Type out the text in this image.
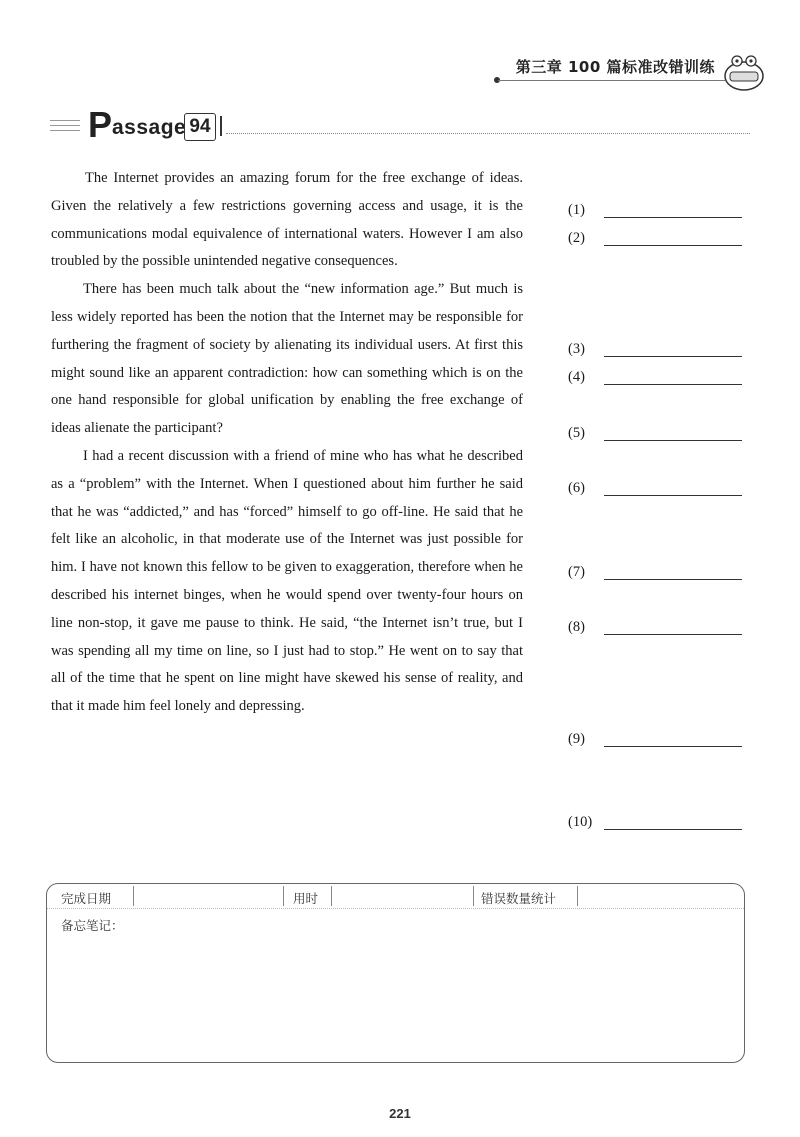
第三章 100 篇标准改错训练
P assage 94

The Internet provides an amazing forum for the free exchange of ideas. Given the relatively a few restrictions governing access and usage, it is the communications modal equivalence of international waters. However I am also troubled by the possible unintended negative consequences.

There has been much talk about the “new information age.” But much is less widely reported has been the notion that the Internet may be responsible for furthering the fragment of society by alienating its individual users. At first this might sound like an apparent contradiction: how can something which is on the one hand responsible for global unification by enabling the free exchange of ideas alienate the participant?

I had a recent discussion with a friend of mine who has what he described as a “problem” with the Internet. When I questioned about him further he said that he was “addicted,” and has “forced” himself to go off-line. He said that he felt like an alcoholic, in that moderate use of the Internet was just possible for him. I have not known this fellow to be given to exaggeration, therefore when he described his internet binges, when he would spend over twenty-four hours on line non-stop, it gave me pause to think. He said, “the Internet isn’t true, but I was spending all my time on line, so I just had to stop.” He went on to say that all of the time that he spent on line might have skewed his sense of reality, and that it made him feel lonely and depressing.

(1)
(2)
(3)
(4)
(5)
(6)
(7)
(8)
(9)
(10)
完成日期	用时	错误数量统计
备忘笔记：
221
